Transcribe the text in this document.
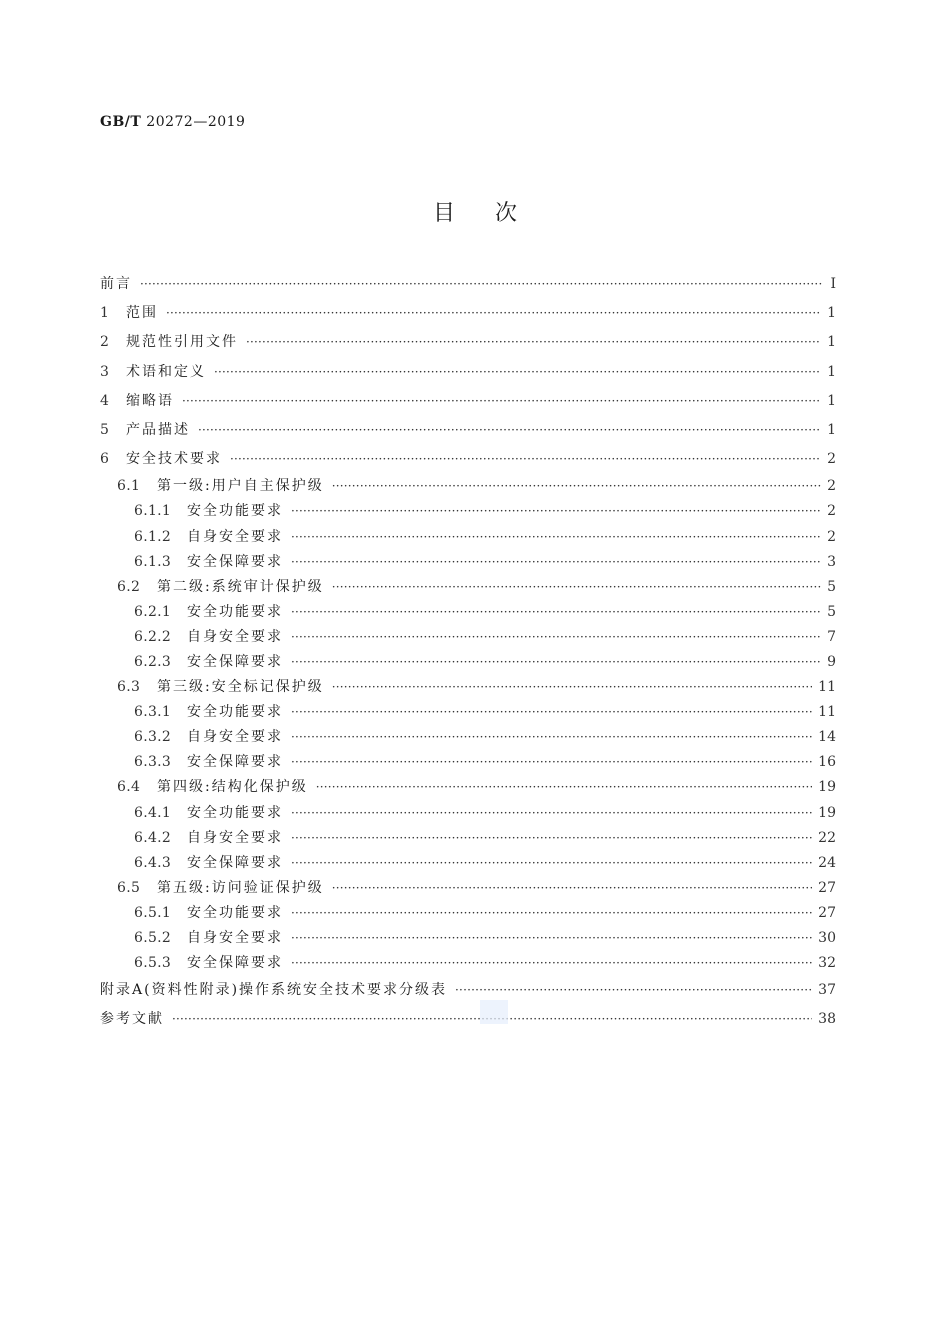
GB/T 20272—2019
目次
前言 ·····	I
1	范围 ·····	1
2	规范性引用文件 ·····	1
3	术语和定义 ·····	1
4	缩略语 ·····	1
5	产品描述 ·····	1
6	安全技术要求 ·····	2
6.1	第一级:用户自主保护级 ·····	2
6.1.1	安全功能要求 ·····	2
6.1.2	自身安全要求 ·····	2
6.1.3	安全保障要求 ·····	3
6.2	第二级:系统审计保护级 ·····	5
6.2.1	安全功能要求 ·····	5
6.2.2	自身安全要求 ·····	7
6.2.3	安全保障要求 ·····	9
6.3	第三级:安全标记保护级 ·····	11
6.3.1	安全功能要求 ·····	11
6.3.2	自身安全要求 ·····	14
6.3.3	安全保障要求 ·····	16
6.4	第四级:结构化保护级 ·····	19
6.4.1	安全功能要求 ·····	19
6.4.2	自身安全要求 ·····	22
6.4.3	安全保障要求 ·····	24
6.5	第五级:访问验证保护级 ·····	27
6.5.1	安全功能要求 ·····	27
6.5.2	自身安全要求 ·····	30
6.5.3	安全保障要求 ·····	32
附录A(资料性附录)操作系统安全技术要求分级表 ·····	37
参考文献 ·····	38
